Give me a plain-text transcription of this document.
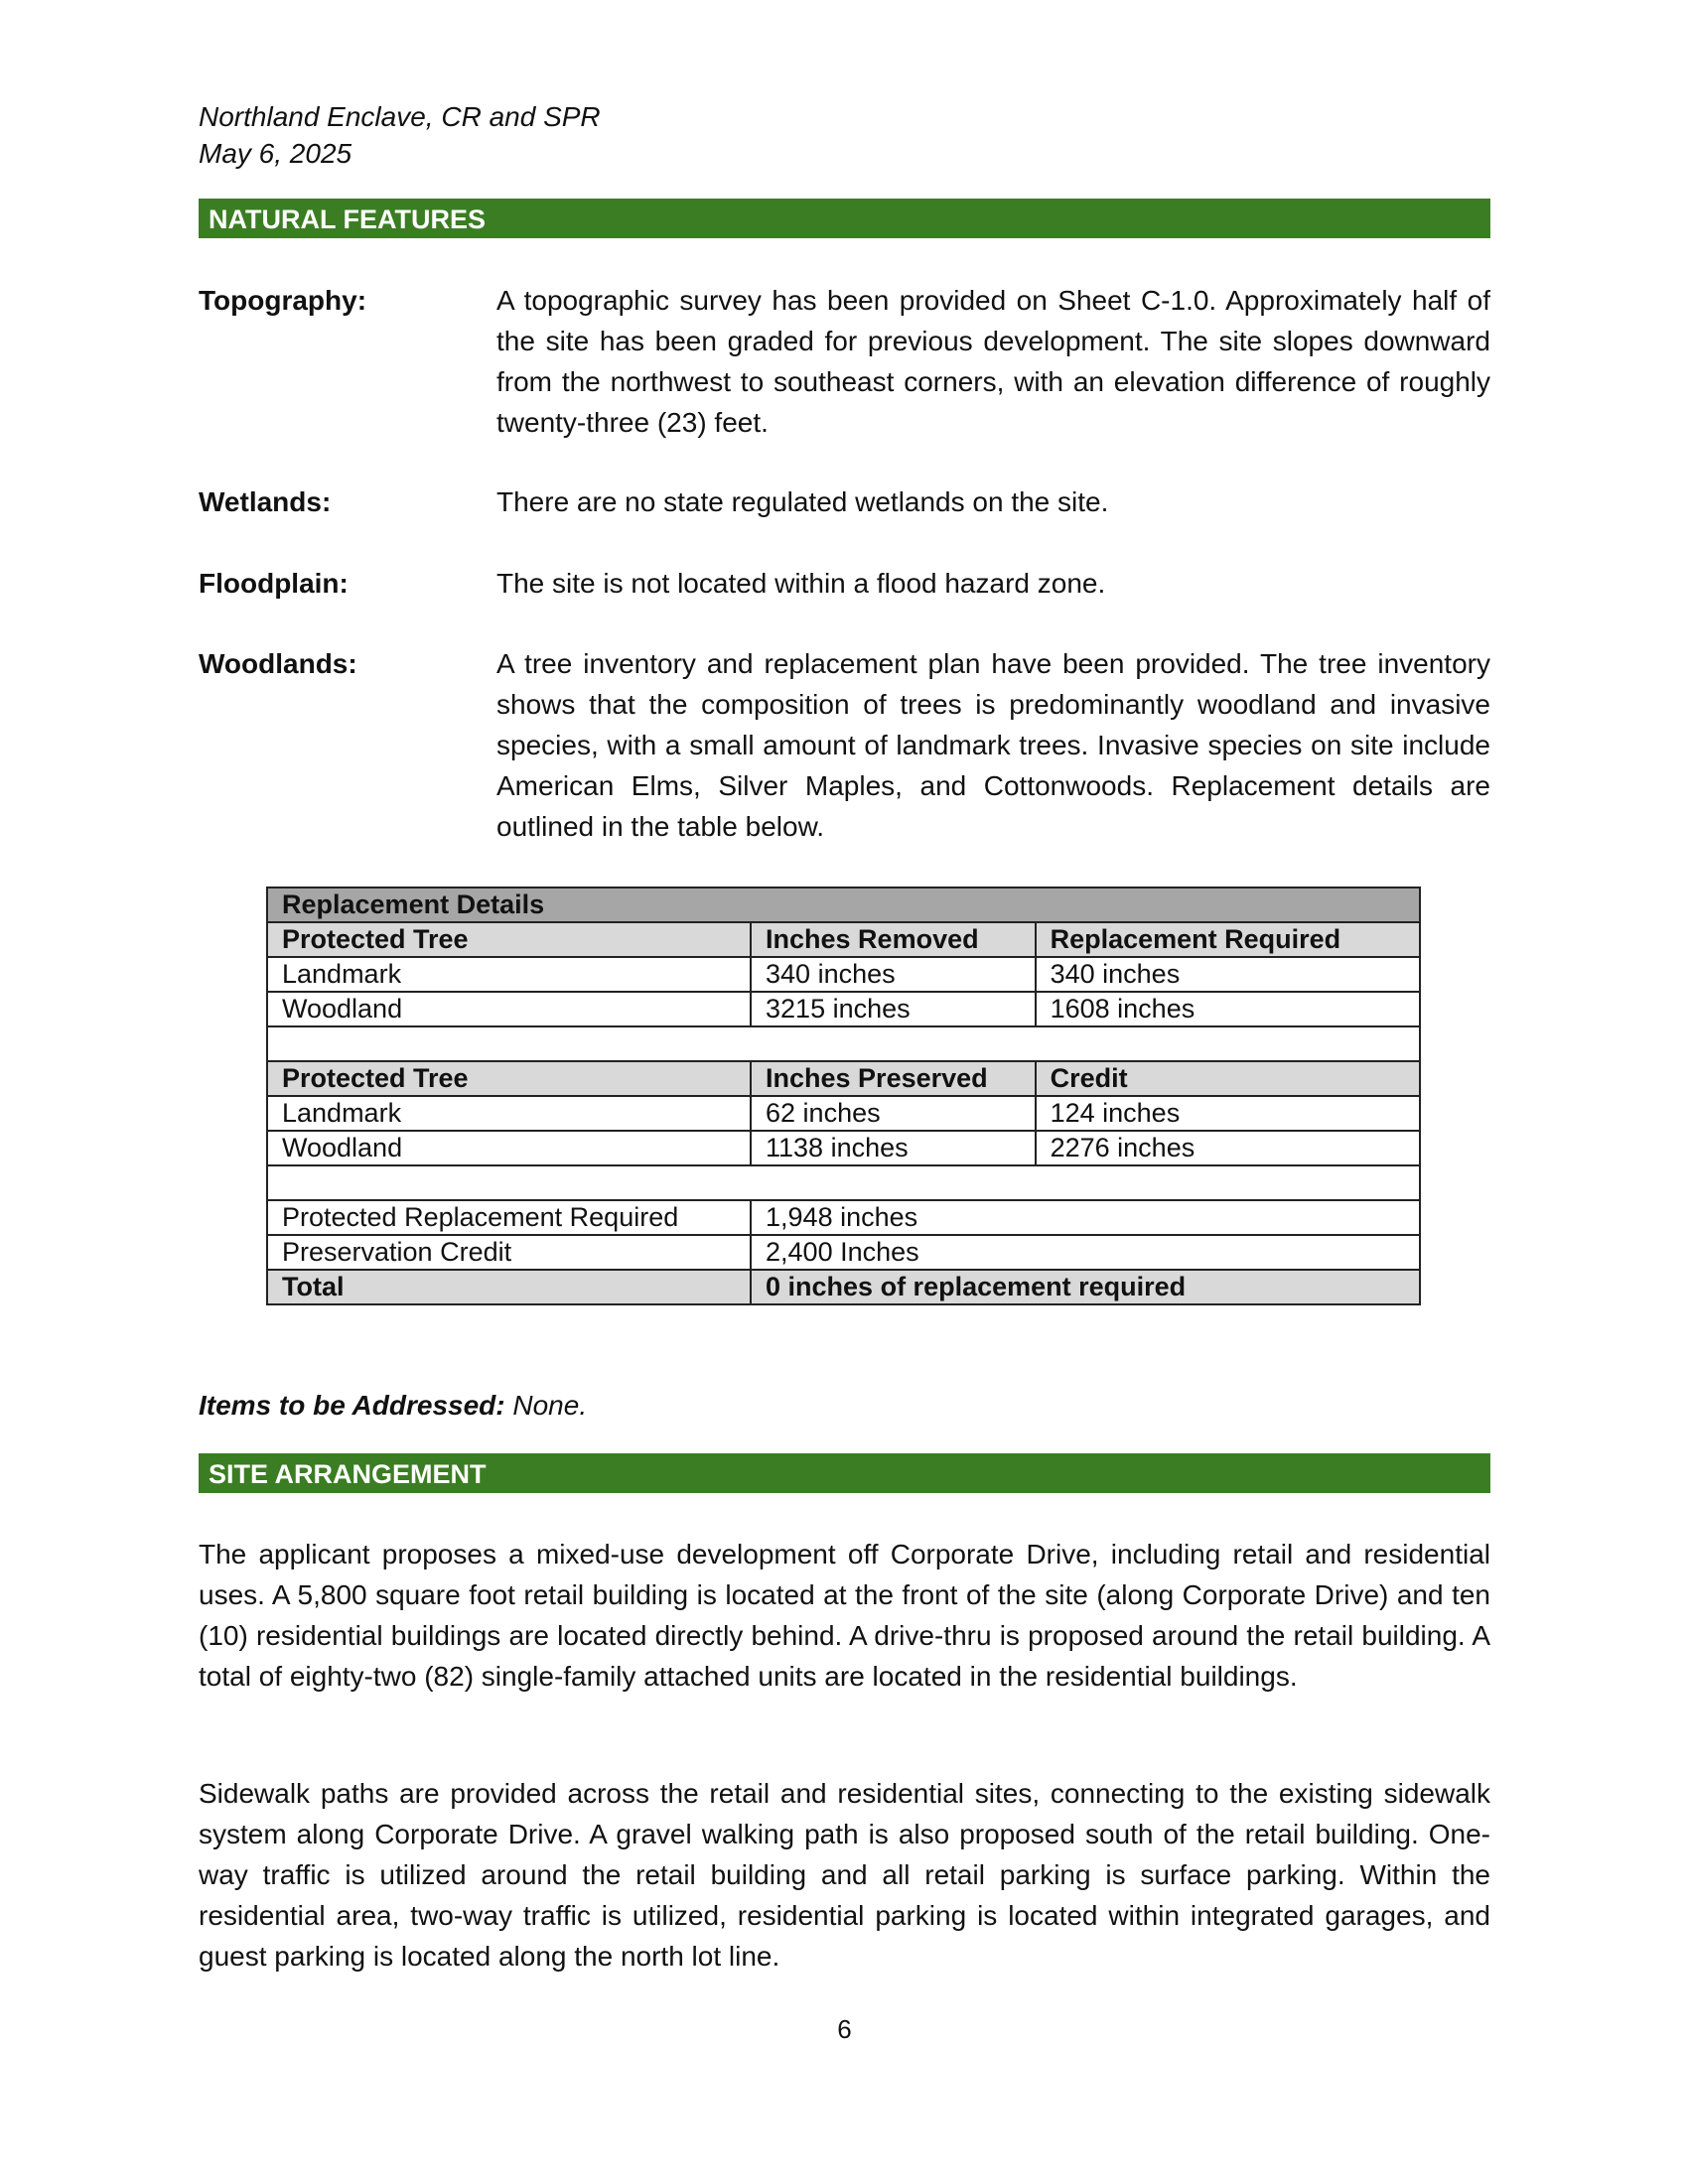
Northland Enclave, CR and SPR
May 6, 2025
NATURAL FEATURES
Topography:	A topographic survey has been provided on Sheet C-1.0. Approximately half of the site has been graded for previous development. The site slopes downward from the northwest to southeast corners, with an elevation difference of roughly twenty-three (23) feet.
Wetlands:	There are no state regulated wetlands on the site.
Floodplain:	The site is not located within a flood hazard zone.
Woodlands:	A tree inventory and replacement plan have been provided. The tree inventory shows that the composition of trees is predominantly woodland and invasive species, with a small amount of landmark trees. Invasive species on site include American Elms, Silver Maples, and Cottonwoods. Replacement details are outlined in the table below.
Replacement Details		
Protected Tree	Inches Removed	Replacement Required
Landmark	340 inches	340 inches
Woodland	3215 inches	1608 inches

Protected Tree	Inches Preserved	Credit
Landmark	62 inches	124 inches
Woodland	1138 inches	2276 inches

Protected Replacement Required	1,948 inches	
Preservation Credit	2,400 Inches	
Total	0 inches of replacement required	
Items to be Addressed: None.
SITE ARRANGEMENT
The applicant proposes a mixed-use development off Corporate Drive, including retail and residential uses. A 5,800 square foot retail building is located at the front of the site (along Corporate Drive) and ten (10) residential buildings are located directly behind. A drive-thru is proposed around the retail building. A total of eighty-two (82) single-family attached units are located in the residential buildings.
Sidewalk paths are provided across the retail and residential sites, connecting to the existing sidewalk system along Corporate Drive. A gravel walking path is also proposed south of the retail building. One-way traffic is utilized around the retail building and all retail parking is surface parking. Within the residential area, two-way traffic is utilized, residential parking is located within integrated garages, and guest parking is located along the north lot line.
6
